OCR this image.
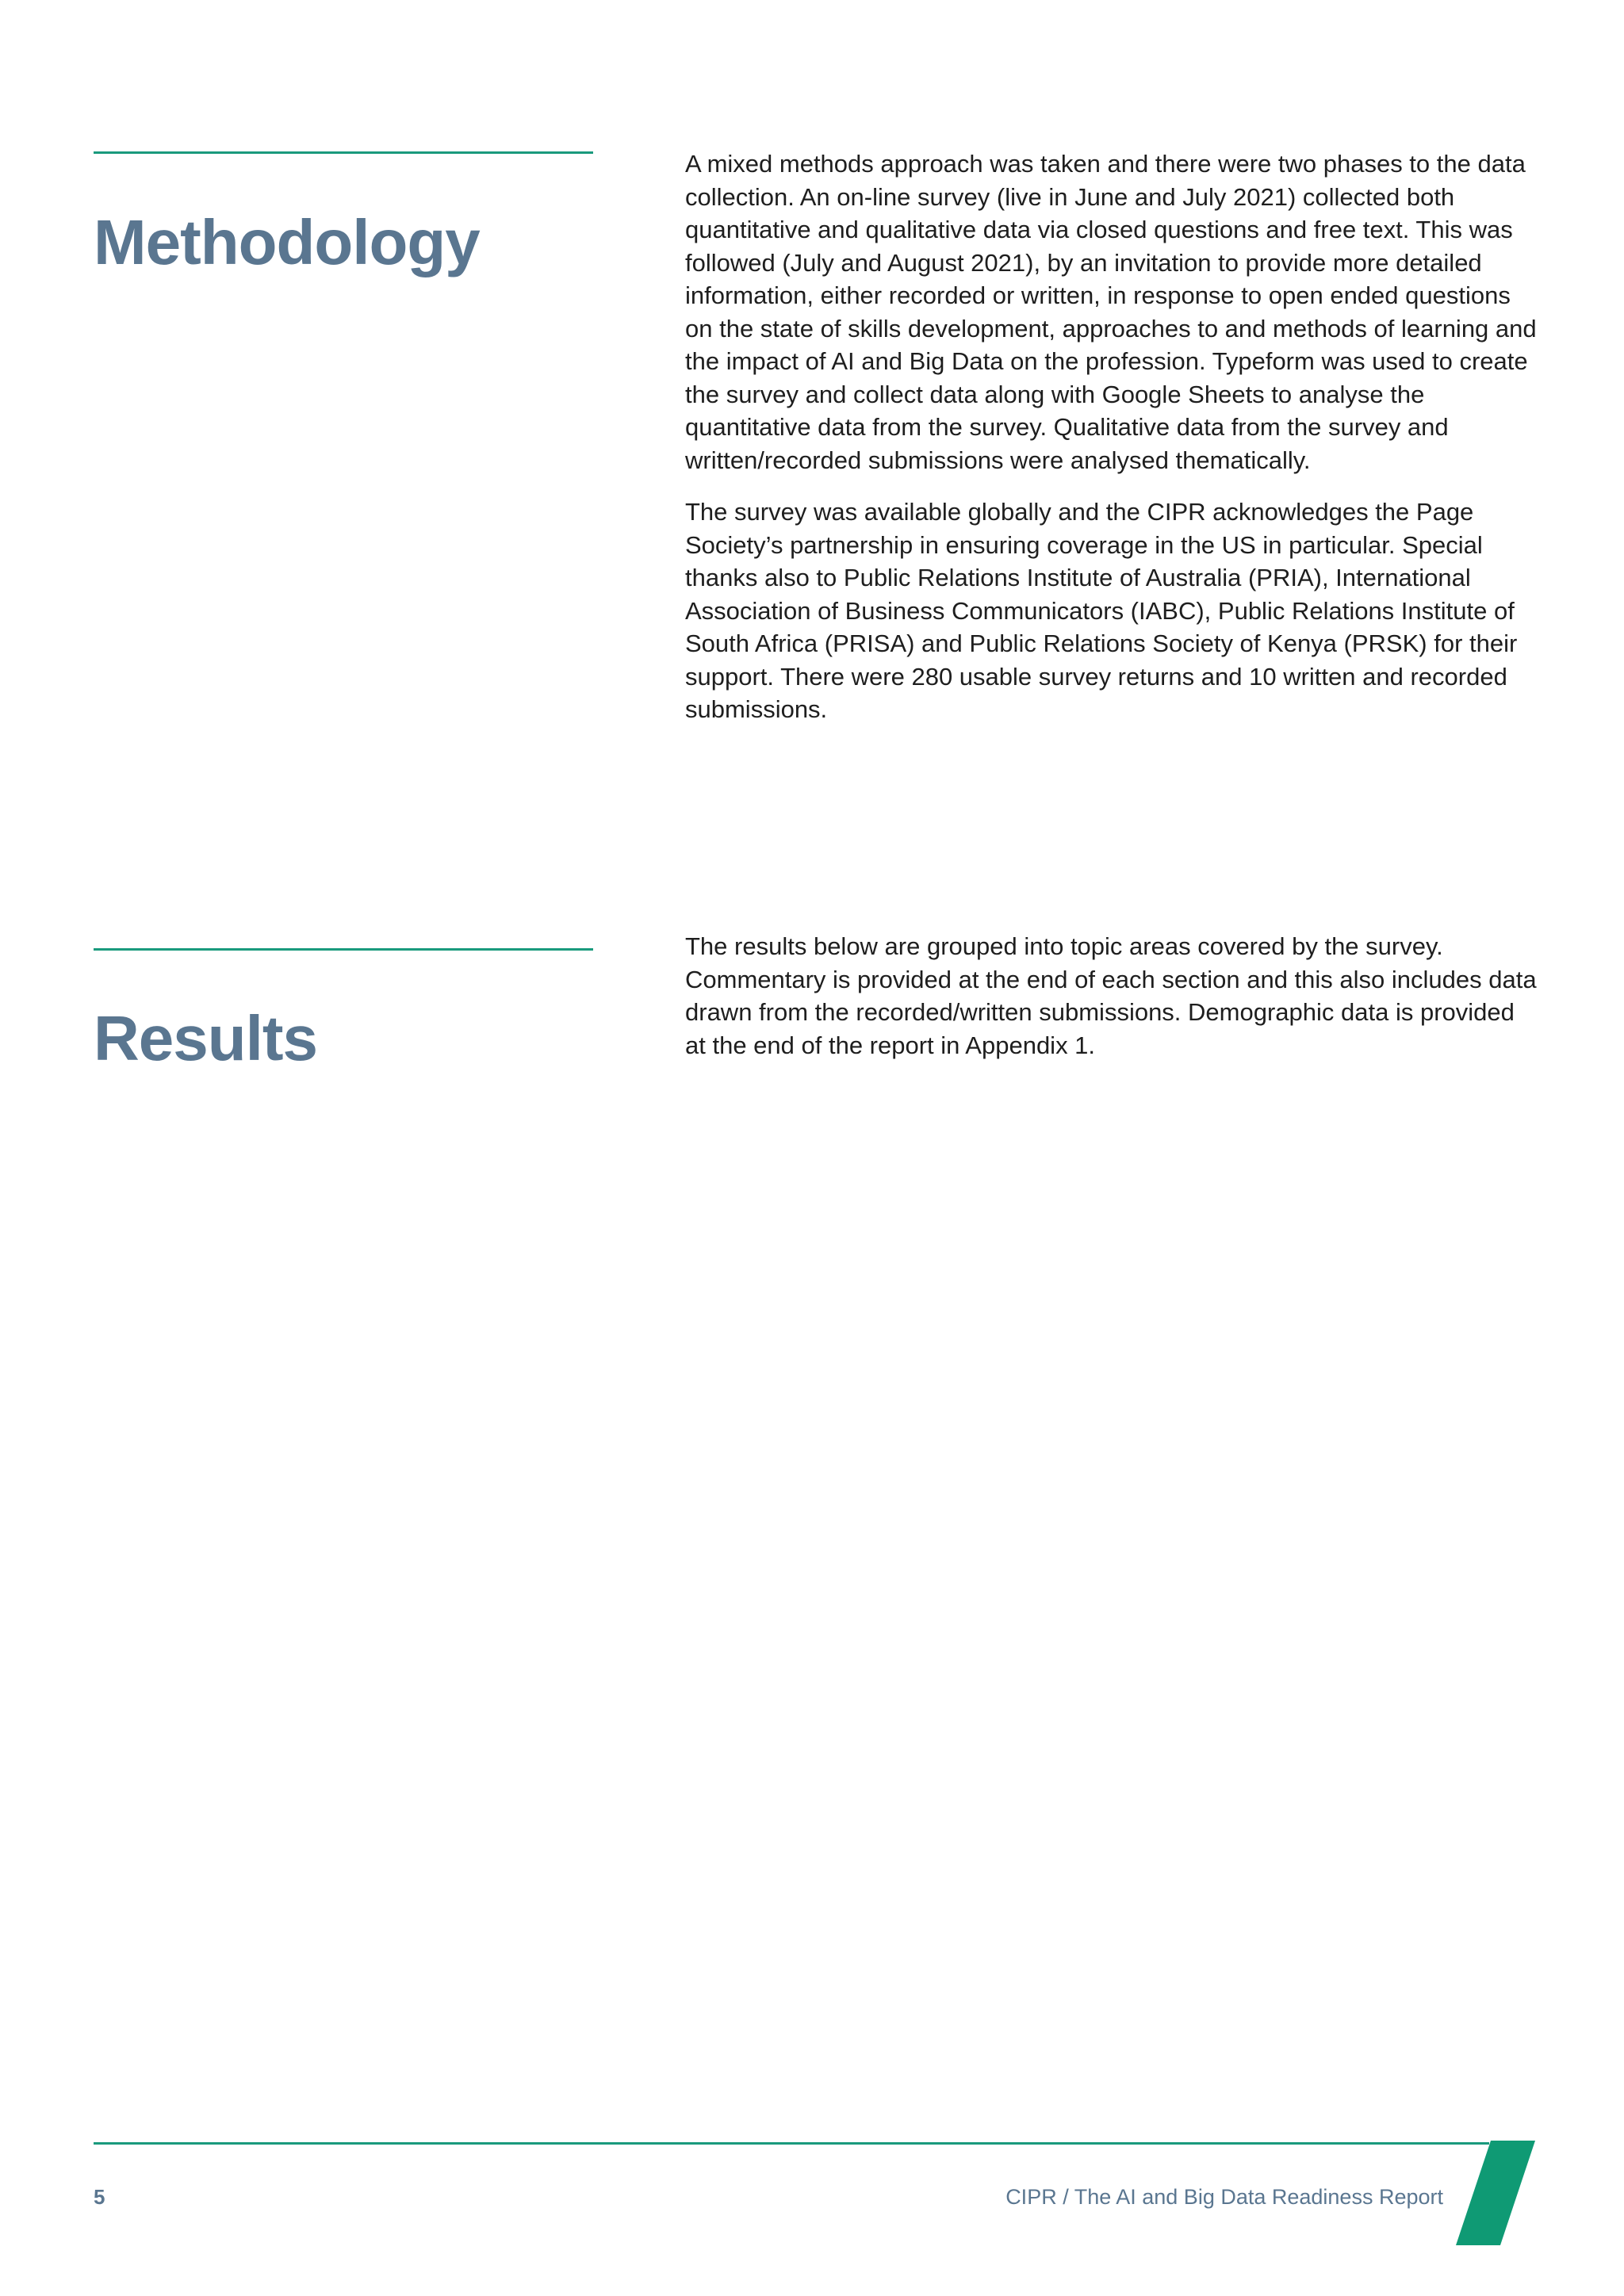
Methodology

A mixed methods approach was taken and there were two phases to the data collection. An on-line survey (live in June and July 2021) collected both quantitative and qualitative data via closed questions and free text. This was followed (July and August 2021), by an invitation to provide more detailed information, either recorded or written, in response to open ended questions on the state of skills development, approaches to and methods of learning and the impact of AI and Big Data on the profession. Typeform was used to create the survey and collect data along with Google Sheets to analyse the quantitative data from the survey. Qualitative data from the survey and written/recorded submissions were analysed thematically.

The survey was available globally and the CIPR acknowledges the Page Society’s partnership in ensuring coverage in the US in particular. Special thanks also to Public Relations Institute of Australia (PRIA), International Association of Business Communicators (IABC), Public Relations Institute of South Africa (PRISA) and Public Relations Society of Kenya (PRSK) for their support. There were 280 usable survey returns and 10 written and recorded submissions.

Results

The results below are grouped into topic areas covered by the survey. Commentary is provided at the end of each section and this also includes data drawn from the recorded/written submissions. Demographic data is provided at the end of the report in Appendix 1.

5	CIPR / The AI and Big Data Readiness Report
